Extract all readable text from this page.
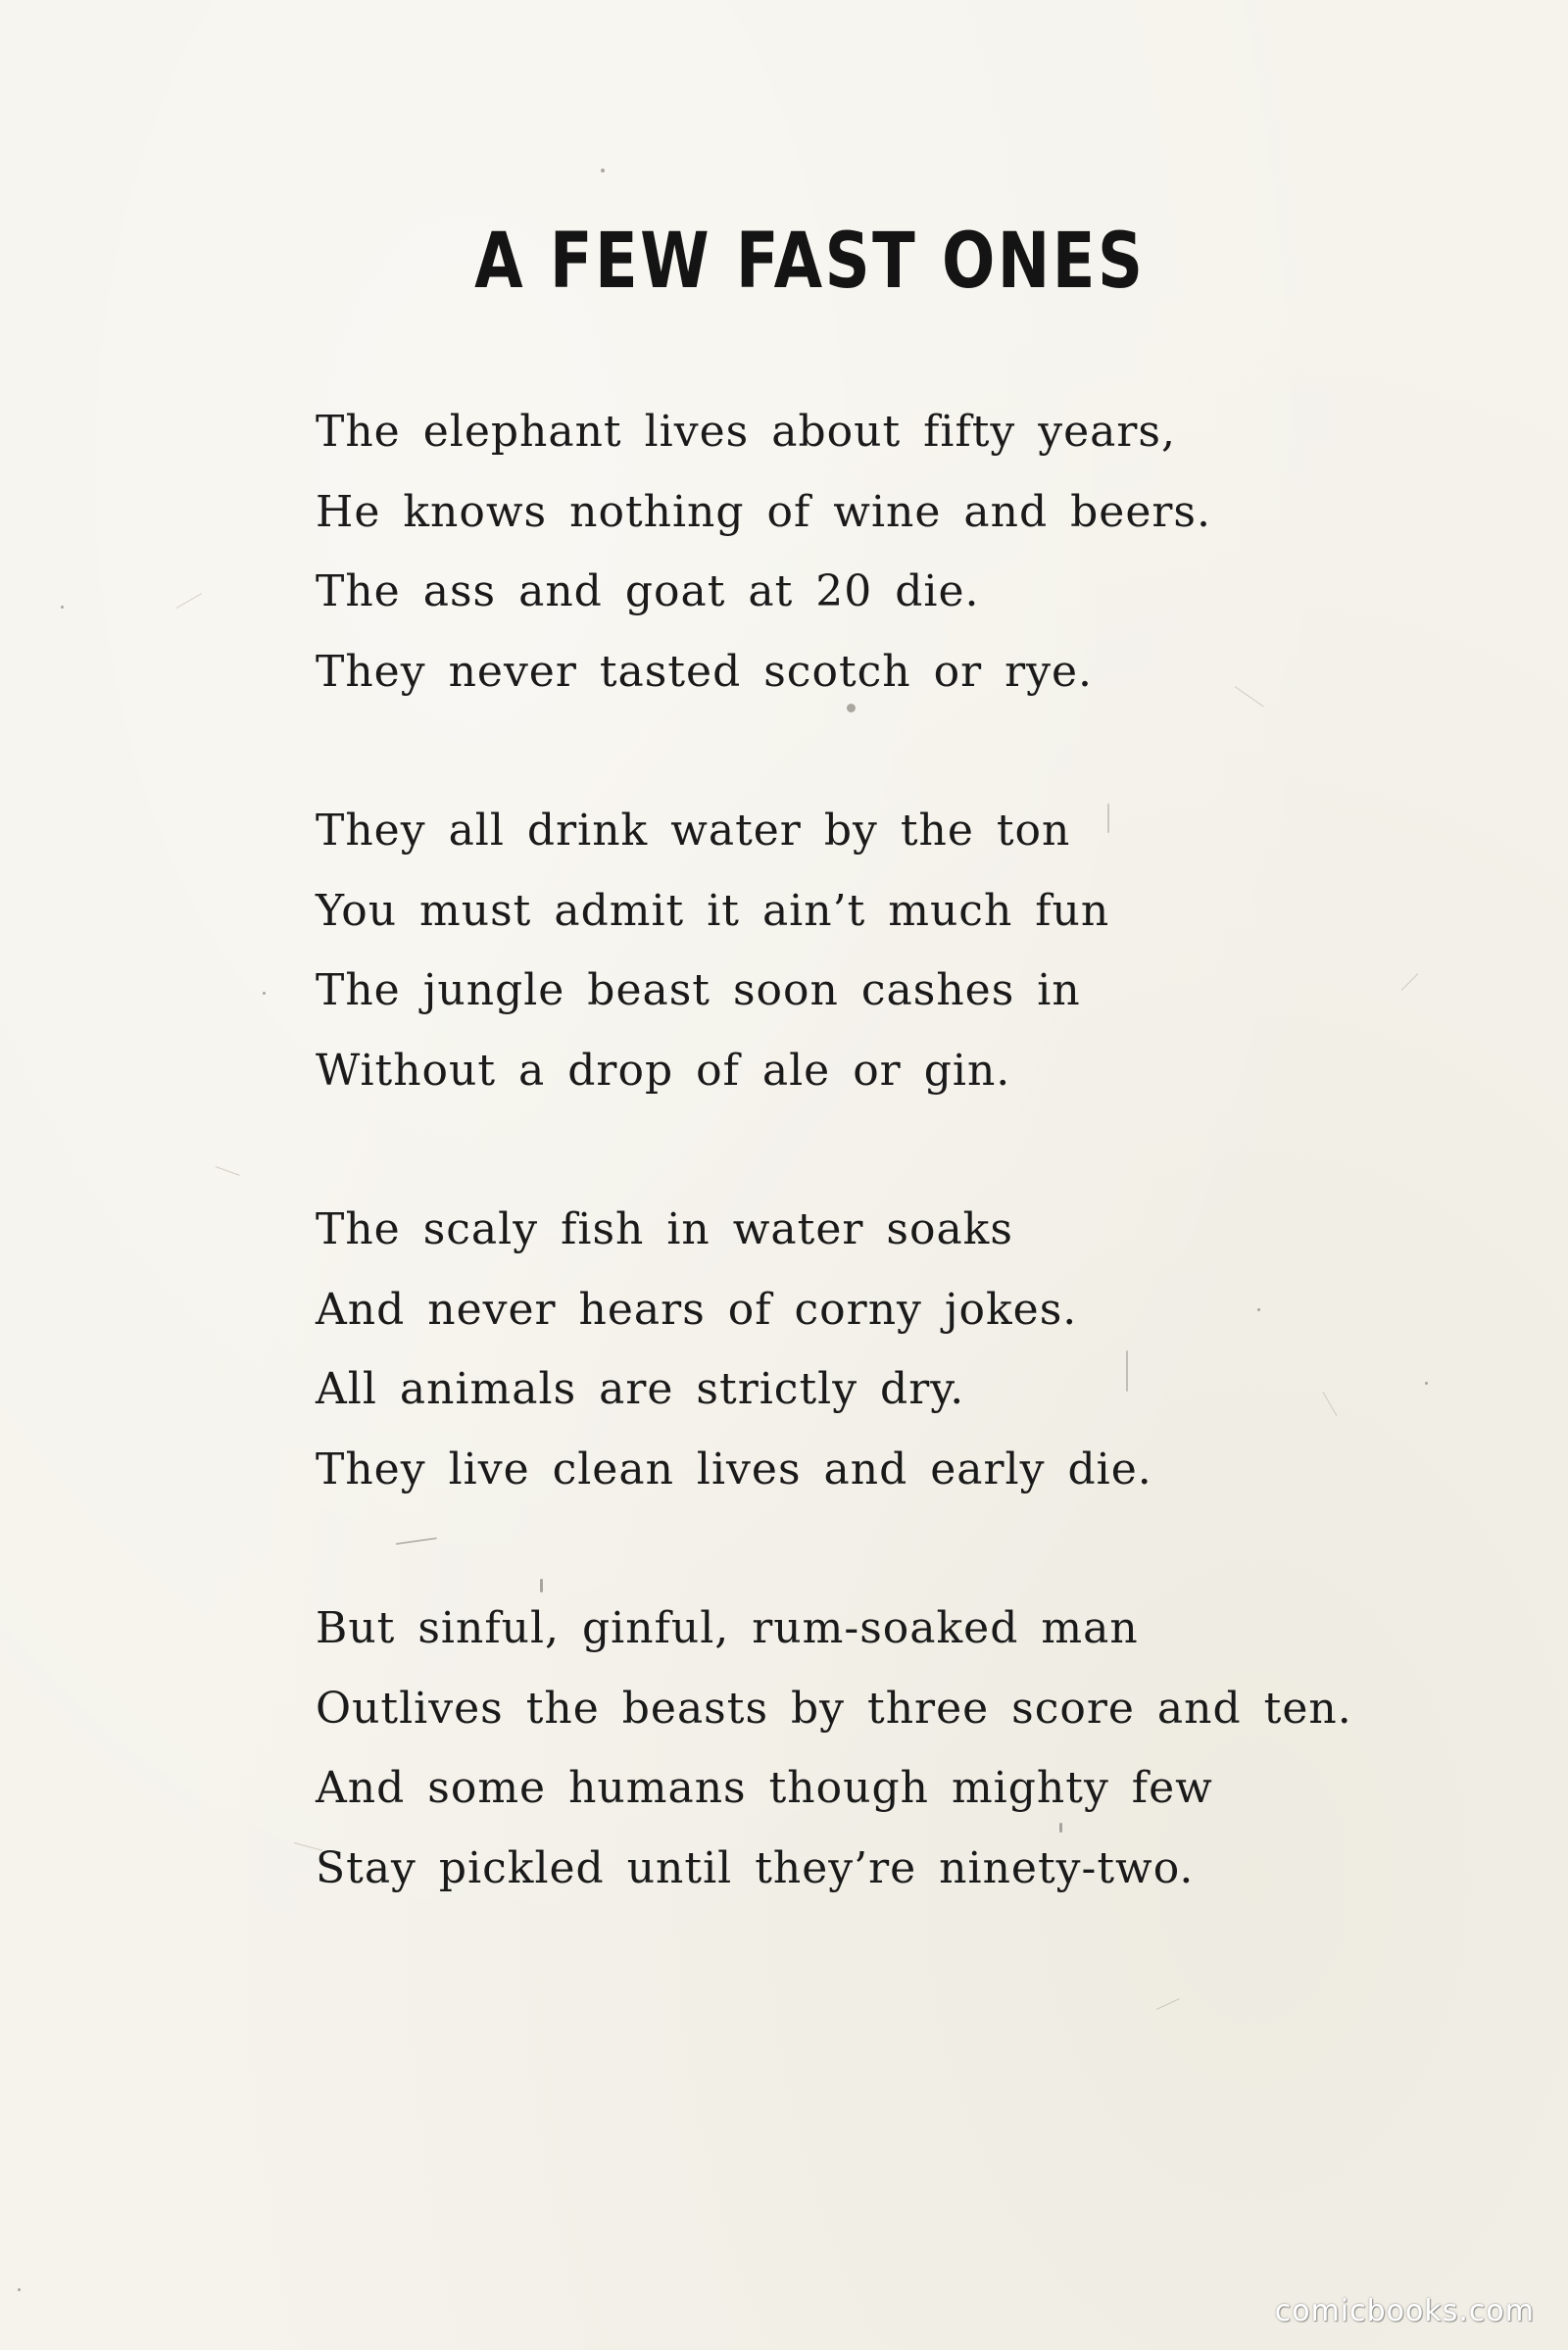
A FEW FAST ONES
The elephant lives about fifty years,
He knows nothing of wine and beers.
The ass and goat at 20 die.
They never tasted scotch or rye.
They all drink water by the ton
You must admit it ain’t much fun
The jungle beast soon cashes in
Without a drop of ale or gin.
The scaly fish in water soaks
And never hears of corny jokes.
All animals are strictly dry.
They live clean lives and early die.
But sinful, ginful, rum-soaked man
Outlives the beasts by three score and ten.
And some humans though mighty few
Stay pickled until they’re ninety-two.
comicbooks.com
